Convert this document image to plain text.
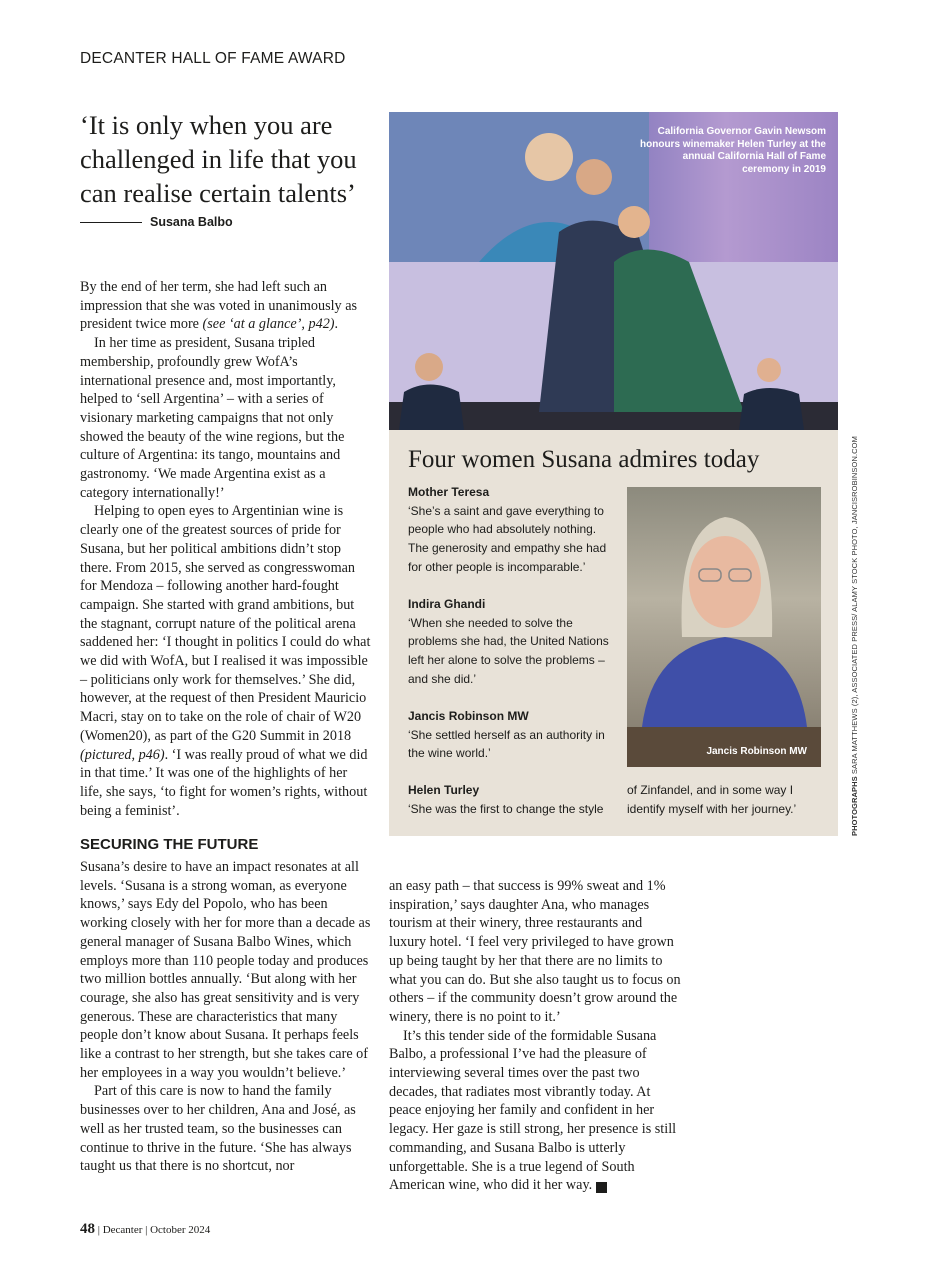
DECANTER HALL OF FAME AWARD
‘It is only when you are challenged in life that you can realise certain talents’
Susana Balbo

By the end of her term, she had left such an impression that she was voted in unanimously as president twice more (see ‘at a glance’, p42).

In her time as president, Susana tripled membership, profoundly grew WofA’s international presence and, most importantly, helped to ‘sell Argentina’ – with a series of visionary marketing campaigns that not only showed the beauty of the wine regions, but the culture of Argentina: its tango, mountains and gastronomy. ‘We made Argentina exist as a category internationally!’

Helping to open eyes to Argentinian wine is clearly one of the greatest sources of pride for Susana, but her political ambitions didn’t stop there. From 2015, she served as congresswoman for Mendoza – following another hard-fought campaign. She started with grand ambitions, but the stagnant, corrupt nature of the political arena saddened her: ‘I thought in politics I could do what we did with WofA, but I realised it was impossible – politicians only work for themselves.’ She did, however, at the request of then President Mauricio Macri, stay on to take on the role of chair of W20 (Women20), as part of the G20 Summit in 2018 (pictured, p46). ‘I was really proud of what we did in that time.’ It was one of the highlights of her life, she says, ‘to fight for women’s rights, without being a feminist’.

SECURING THE FUTURE

Susana’s desire to have an impact resonates at all levels. ‘Susana is a strong woman, as everyone knows,’ says Edy del Popolo, who has been working closely with her for more than a decade as general manager of Susana Balbo Wines, which employs more than 110 people today and produces two million bottles annually. ‘But along with her courage, she also has great sensitivity and is very generous. These are characteristics that many people don’t know about Susana. It perhaps feels like a contrast to her strength, but she takes care of her employees in a way you wouldn’t believe.’

Part of this care is now to hand the family businesses over to her children, Ana and José, as well as her trusted team, so the businesses can continue to thrive in the future. ‘She has always taught us that there is no shortcut, nor

an easy path – that success is 99% sweat and 1% inspiration,’ says daughter Ana, who manages tourism at their winery, three restaurants and luxury hotel. ‘I feel very privileged to have grown up being taught by her that there are no limits to what you can do. But she also taught us to focus on others – if the community doesn’t grow around the winery, there is no point to it.’

It’s this tender side of the formidable Susana Balbo, a professional I’ve had the pleasure of interviewing several times over the past two decades, that radiates most vibrantly today. At peace enjoying her family and confident in her legacy. Her gaze is still strong, her presence is still commanding, and Susana Balbo is utterly unforgettable. She is a true legend of South American wine, who did it her way. D

California Governor Gavin Newsom honours winemaker Helen Turley at the annual California Hall of Fame ceremony in 2019
Four women Susana admires today
Mother Teresa
‘She’s a saint and gave everything to people who had absolutely nothing. The generosity and empathy she had for other people is incomparable.’
Indira Ghandi
‘When she needed to solve the problems she had, the United Nations left her alone to solve the problems – and she did.’
Jancis Robinson MW
‘She settled herself as an authority in the wine world.’
Helen Turley
‘She was the first to change the style
of Zinfandel, and in some way I identify myself with her journey.’
Jancis Robinson MW
PHOTOGRAPHS SARA MATTHEWS (2), ASSOCIATED PRESS/ ALAMY STOCK PHOTO, JANCISROBINSON.COM
48 | Decanter | October 2024
